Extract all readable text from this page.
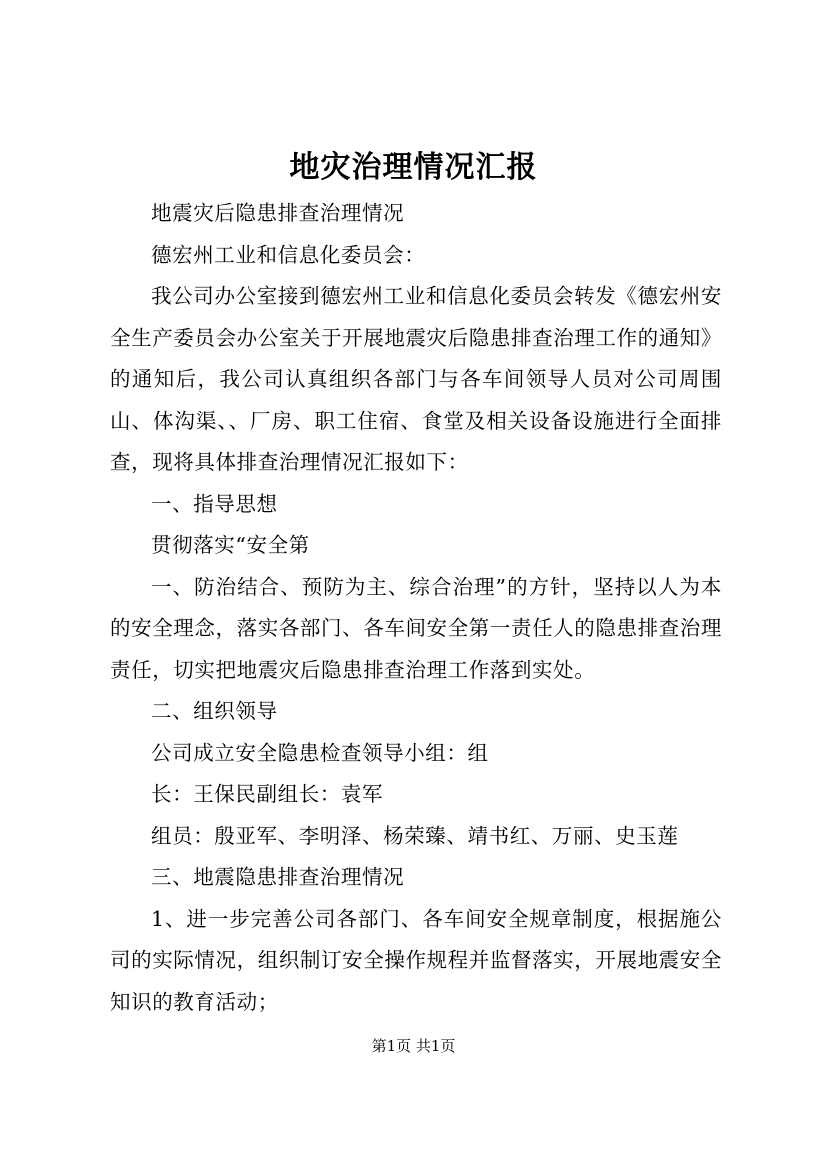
地灾治理情况汇报

地震灾后隐患排查治理情况

德宏州工业和信息化委员会：

我公司办公室接到德宏州工业和信息化委员会转发《德宏州安全生产委员会办公室关于开展地震灾后隐患排查治理工作的通知》的通知后，我公司认真组织各部门与各车间领导人员对公司周围山、体沟渠、、厂房、职工住宿、食堂及相关设备设施进行全面排查，现将具体排查治理情况汇报如下：

一、指导思想

贯彻落实“安全第

一、防治结合、预防为主、综合治理”的方针，坚持以人为本的安全理念，落实各部门、各车间安全第一责任人的隐患排查治理责任，切实把地震灾后隐患排查治理工作落到实处。

二、组织领导

公司成立安全隐患检查领导小组：组

长：王保民副组长：袁军

组员：殷亚军、李明泽、杨荣臻、靖书红、万丽、史玉莲

三、地震隐患排查治理情况

1、进一步完善公司各部门、各车间安全规章制度，根据施公司的实际情况，组织制订安全操作规程并监督落实，开展地震安全知识的教育活动；

第1页 共1页
